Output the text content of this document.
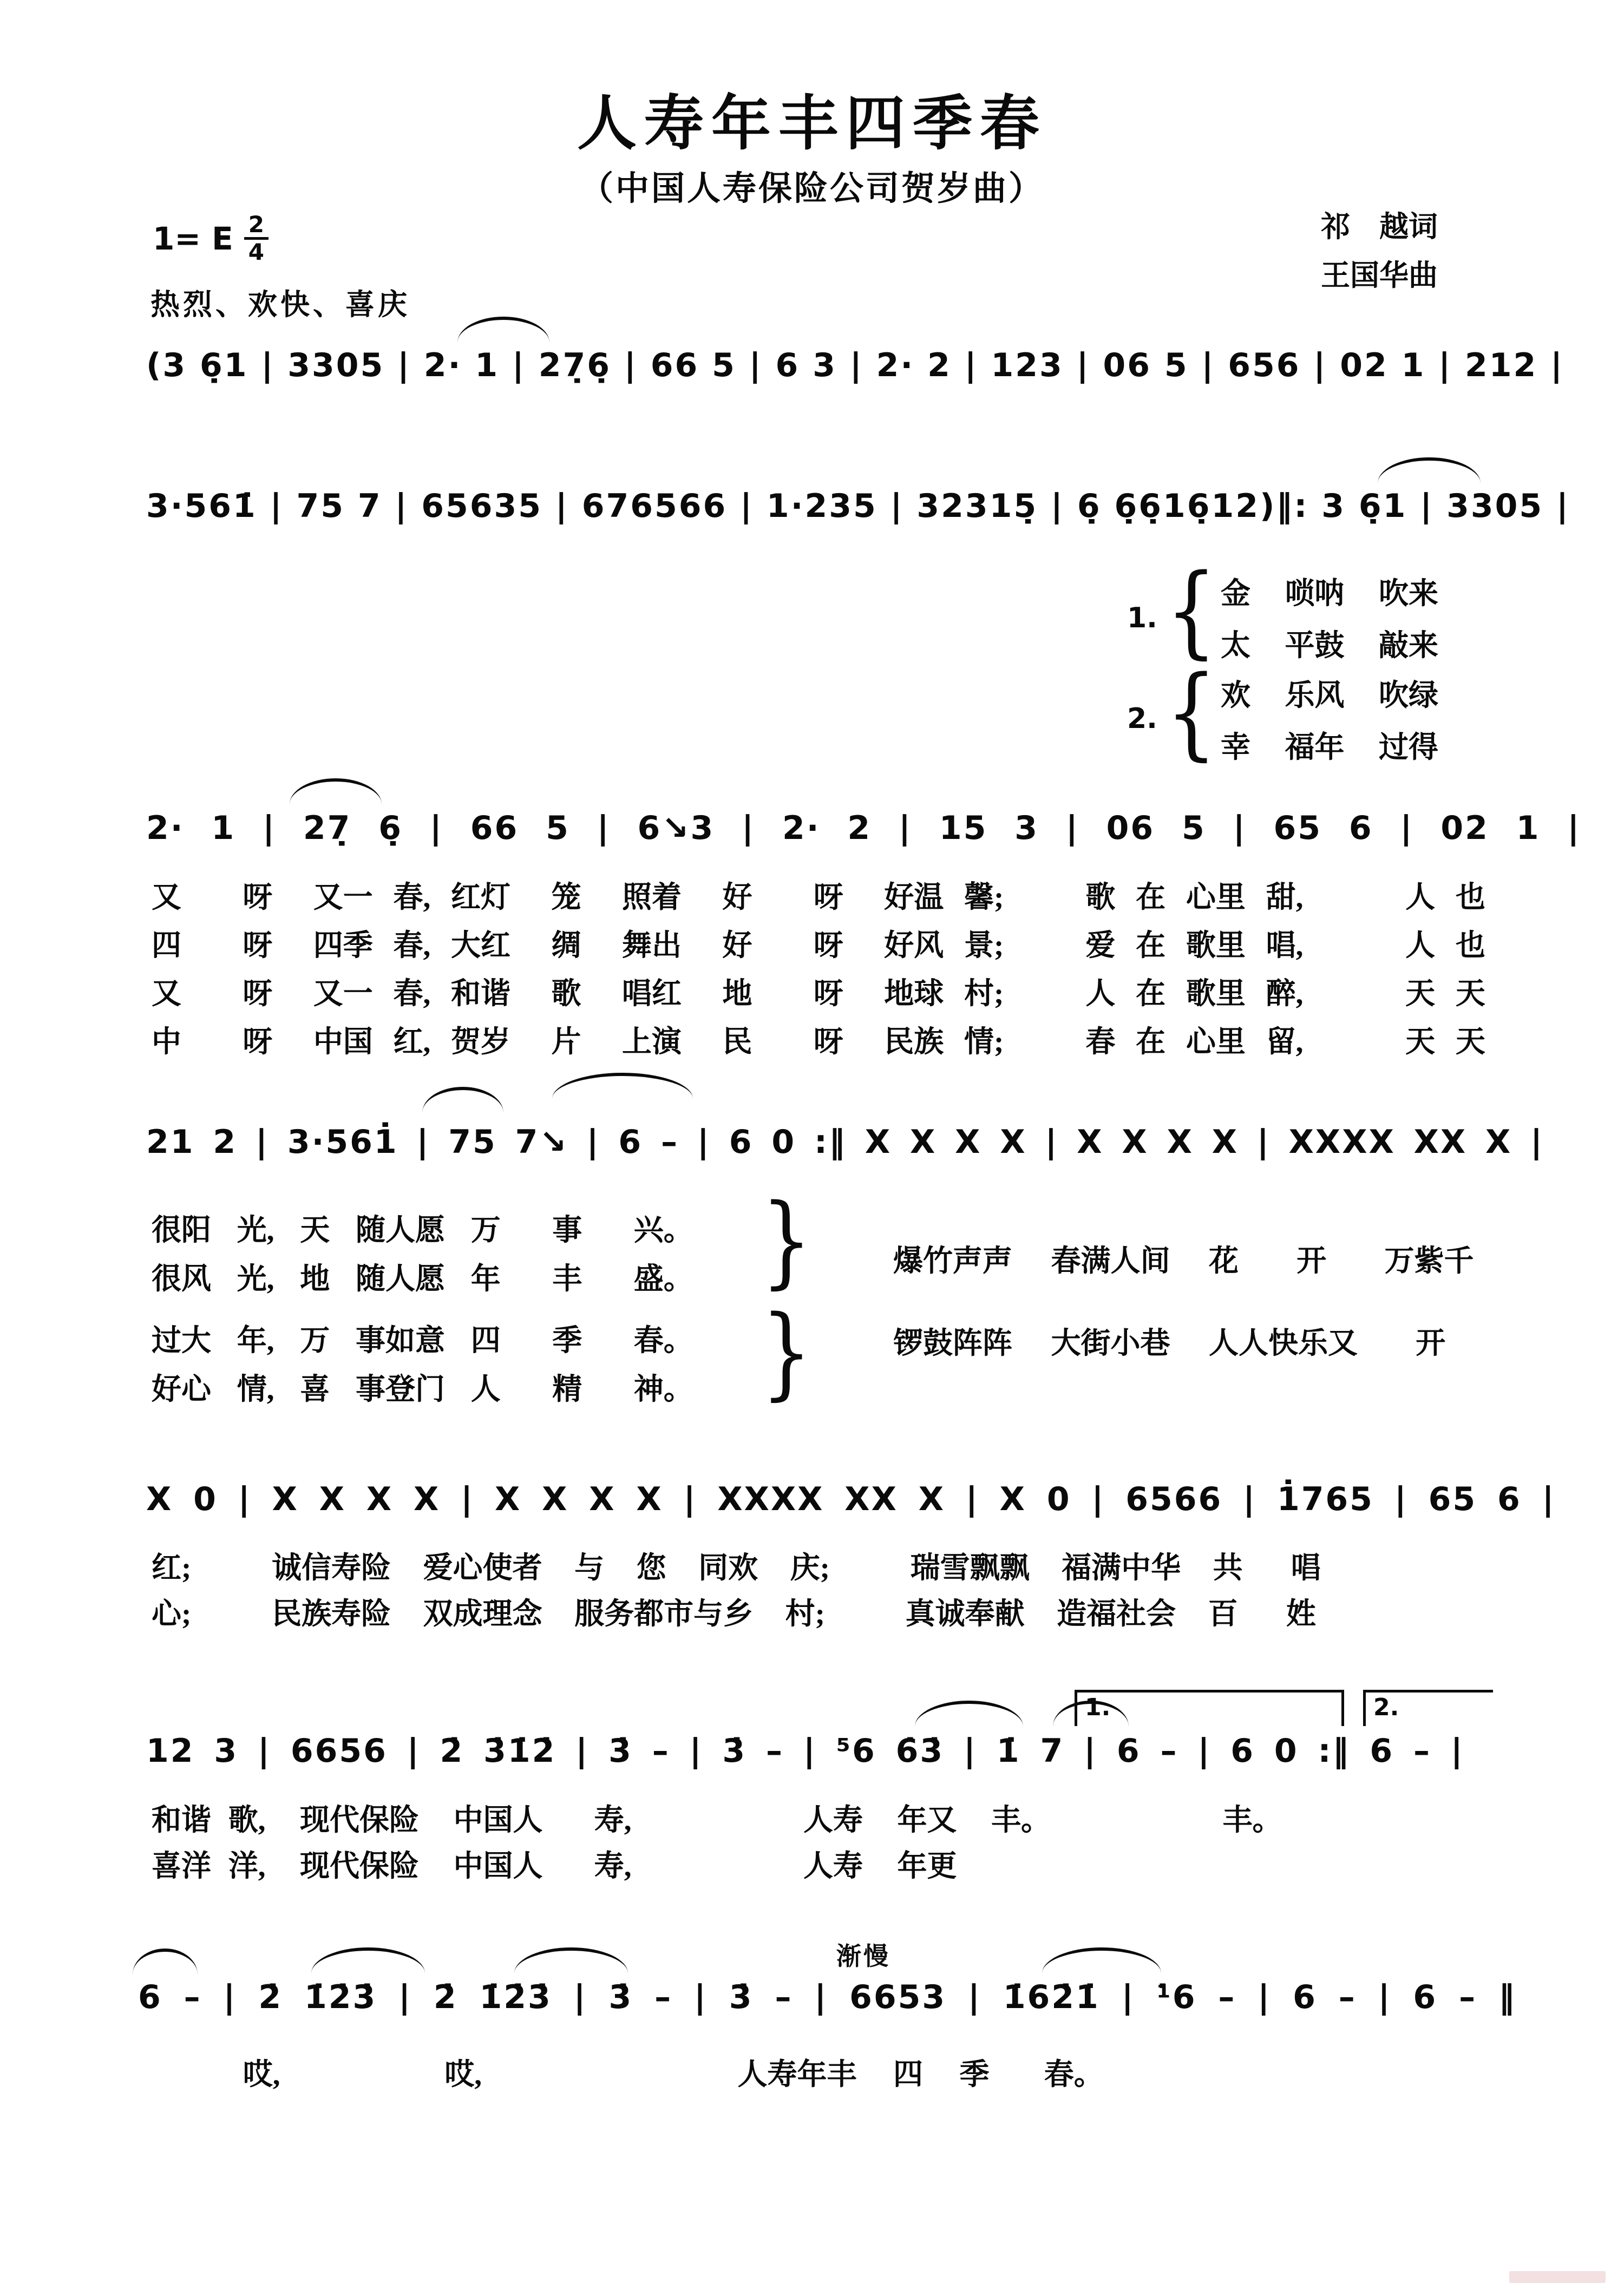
人寿年丰四季春
（中国人寿保险公司贺岁曲）
1= E $\frac{2}{4}$
热烈、欢快、喜庆
祁　越词
王国华曲
(3 6̣1 | 3305 | 2· 1 | 27̣6̣ | 66 5 | 6 3 | 2· 2 | 123 | 06 5 | 656 | 02 1 | 212 |
3·561̇ | 75 7 | 65635 | 676566 | 1·235 | 32315̣ | 6̣ 6̣6̣16̣12)‖: 3 6̣1 | 3305 |
1. { 金  唢呐  吹来
太  平鼓  敲来
2. { 欢  乐风  吹绿
幸  福年  过得
2· 1 | 27̣ 6̣ | 66 5 | 6↘3 | 2· 2 | 15 3 | 06 5 | 65 6 | 02 1 |
又   呀  又一 春, 红灯  笼  照着  好   呀  好温 馨;    歌 在 心里 甜,     人 也
四   呀  四季 春, 大红  绸  舞出  好   呀  好风 景;    爱 在 歌里 唱,     人 也
又   呀  又一 春, 和谐  歌  唱红  地   呀  地球 村;    人 在 歌里 醉,     天 天
中   呀  中国 红, 贺岁  片  上演  民   呀  民族 情;    春 在 心里 留,     天 天
21 2 | 3·561̇ | 75 7↘ | 6 – | 6 0 :‖ X X X X | X X X X | XXXX XX X |
很阳 光, 天 随人愿 万  事  兴。
很风 光, 地 随人愿 年  丰  盛。
过大 年, 万 事如意 四  季  春。
好心 情, 喜 事登门 人  精  神。
}
}
爆竹声声  春满人间  花   开   万紫千
锣鼓阵阵  大街小巷  人人快乐又   开
X 0 | X X X X | X X X X | XXXX XX X | X 0 | 6566 | 1̇765 | 65 6 |
红;     诚信寿险  爱心使者  与  您  同欢  庆;     瑞雪飘飘  福满中华  共   唱
心;     民族寿险  双成理念  服务都市与乡  村;     真诚奉献  造福社会  百   姓
1.	2.
12 3 | 6656 | 2̇ 3̇1̇2̇ | 3̇ – | 3̇ – | ⁵6 6̇3̇ | 1̇ 7 | 6 – | 6 0 :‖ 6 – |
和谐 歌,  现代保险  中国人   寿,          人寿  年又  丰。          丰。
喜洋 洋,  现代保险  中国人   寿,          人寿  年更
渐慢
6 – | 2̇ 1̇2̇3̇ | 2̇ 1̇2̇3̇ | 3̇ – | 3̇ – | 6653 | 1̇62̇1̇ | ¹̇6 – | 6 – | 6 – ‖
哎,         哎,              人寿年丰  四  季   春。
